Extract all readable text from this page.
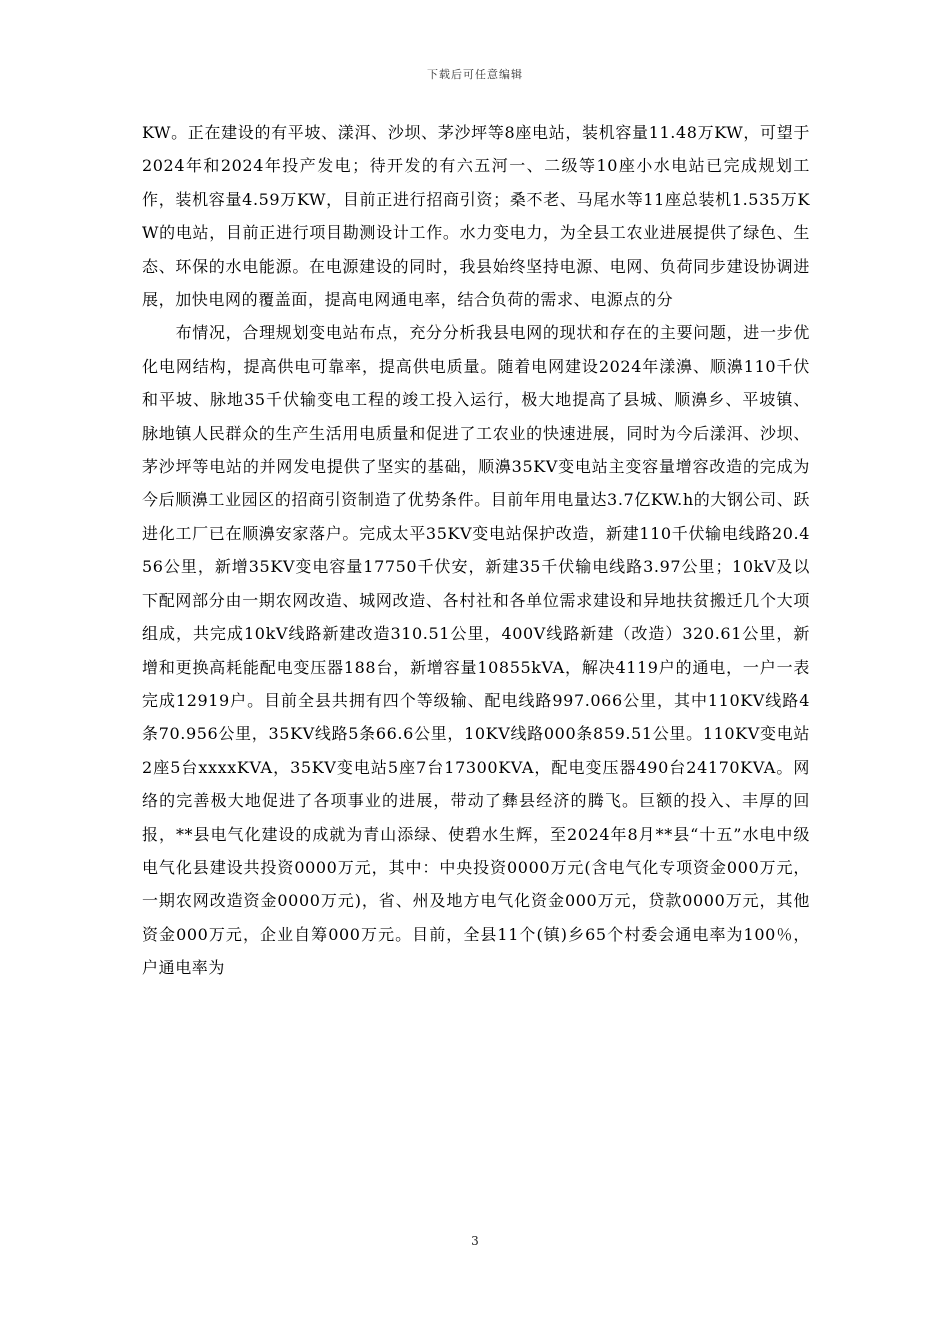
下载后可任意编辑

KW。正在建设的有平坡、漾洱、沙坝、茅沙坪等8座电站，装机容量11.48万KW，可望于2024年和2024年投产发电；待开发的有六五河一、二级等10座小水电站已完成规划工作，装机容量4.59万KW，目前正进行招商引资；桑不老、马尾水等11座总装机1.535万KW的电站，目前正进行项目勘测设计工作。水力变电力，为全县工农业进展提供了绿色、生态、环保的水电能源。在电源建设的同时，我县始终坚持电源、电网、负荷同步建设协调进展，加快电网的覆盖面，提高电网通电率，结合负荷的需求、电源点的分

布情况，合理规划变电站布点，充分分析我县电网的现状和存在的主要问题，进一步优化电网结构，提高供电可靠率，提高供电质量。随着电网建设2024年漾濞、顺濞110千伏和平坡、脉地35千伏输变电工程的竣工投入运行，极大地提高了县城、顺濞乡、平坡镇、脉地镇人民群众的生产生活用电质量和促进了工农业的快速进展，同时为今后漾洱、沙坝、茅沙坪等电站的并网发电提供了坚实的基础，顺濞35KV变电站主变容量增容改造的完成为今后顺濞工业园区的招商引资制造了优势条件。目前年用电量达3.7亿KW.h的大钢公司、跃进化工厂已在顺濞安家落户。完成太平35KV变电站保护改造，新建110千伏输电线路20.456公里，新增35KV变电容量17750千伏安，新建35千伏输电线路3.97公里；10kV及以下配网部分由一期农网改造、城网改造、各村社和各单位需求建设和异地扶贫搬迁几个大项组成，共完成10kV线路新建改造310.51公里，400V线路新建（改造）320.61公里，新增和更换高耗能配电变压器188台，新增容量10855kVA，解决4119户的通电，一户一表完成12919户。目前全县共拥有四个等级输、配电线路997.066公里，其中110KV线路4条70.956公里，35KV线路5条66.6公里，10KV线路000条859.51公里。110KV变电站2座5台xxxxKVA，35KV变电站5座7台17300KVA，配电变压器490台24170KVA。网络的完善极大地促进了各项事业的进展，带动了彝县经济的腾飞。巨额的投入、丰厚的回报，**县电气化建设的成就为青山添绿、使碧水生辉，至2024年8月**县“十五”水电中级电气化县建设共投资0000万元，其中：中央投资0000万元(含电气化专项资金000万元，一期农网改造资金0000万元)，省、州及地方电气化资金000万元，贷款0000万元，其他资金000万元，企业自筹000万元。目前，全县11个(镇)乡65个村委会通电率为100％，户通电率为

3
